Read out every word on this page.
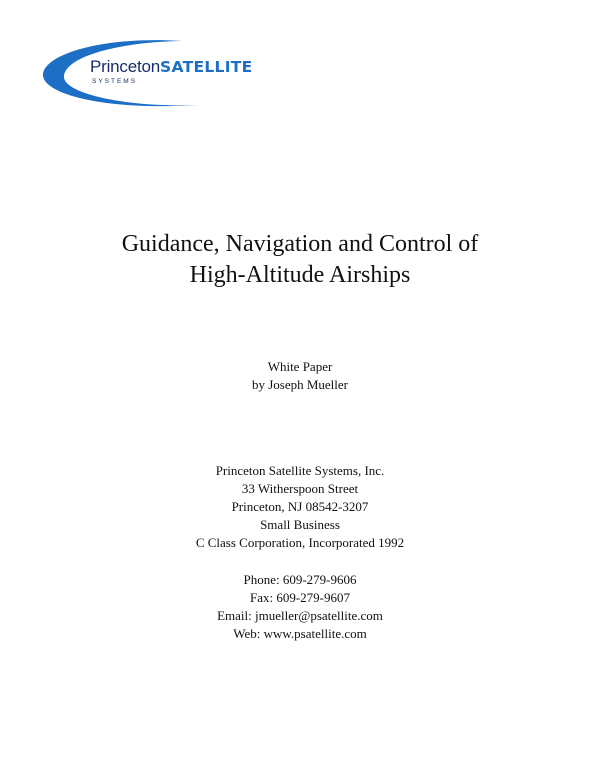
PrincetonSATELLITE
SYSTEMS
Guidance, Navigation and Control of
High-Altitude Airships
White Paper
by Joseph Mueller
Princeton Satellite Systems, Inc.
33 Witherspoon Street
Princeton, NJ 08542-3207
Small Business
C Class Corporation, Incorporated 1992
Phone: 609-279-9606
Fax: 609-279-9607
Email: jmueller@psatellite.com
Web: www.psatellite.com
